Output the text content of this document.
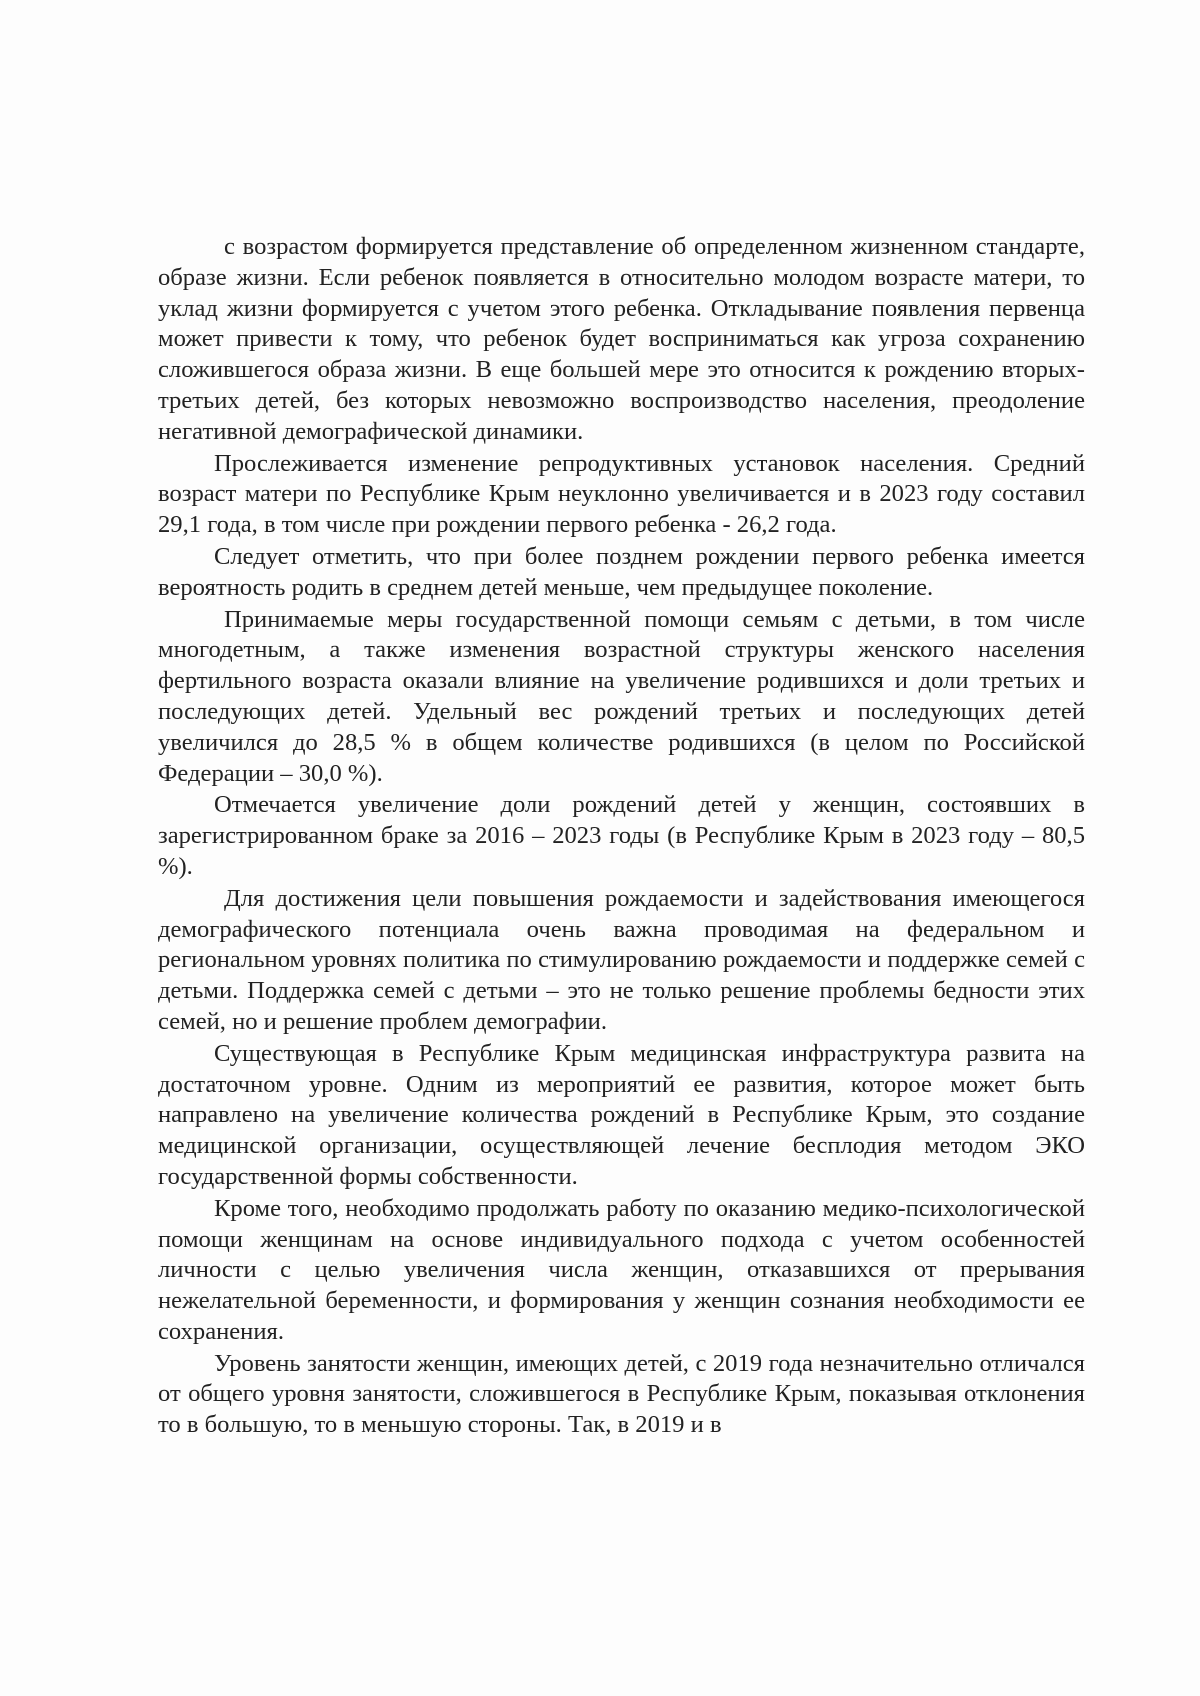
с возрастом формируется представление об определенном жизненном стандарте, образе жизни. Если ребенок появляется в относительно молодом возрасте матери, то уклад жизни формируется с учетом этого ребенка. Откладывание появления первенца может привести к тому, что ребенок будет восприниматься как угроза сохранению сложившегося образа жизни. В еще большей мере это относится к рождению вторых-третьих детей, без которых невозможно воспроизводство населения, преодоление негативной демографической динамики.

Прослеживается изменение репродуктивных установок населения. Средний возраст матери по Республике Крым неуклонно увеличивается и в 2023 году составил 29,1 года, в том числе при рождении первого ребенка - 26,2 года.

Следует отметить, что при более позднем рождении первого ребенка имеется вероятность родить в среднем детей меньше, чем предыдущее поколение.

Принимаемые меры государственной помощи семьям с детьми, в том числе многодетным, а также изменения возрастной структуры женского населения фертильного возраста оказали влияние на увеличение родившихся и доли третьих и последующих детей. Удельный вес рождений третьих и последующих детей увеличился до 28,5 % в общем количестве родившихся (в целом по Российской Федерации – 30,0 %).

Отмечается увеличение доли рождений детей у женщин, состоявших в зарегистрированном браке за 2016 – 2023 годы (в Республике Крым в 2023 году – 80,5 %).

Для достижения цели повышения рождаемости и задействования имеющегося демографического потенциала очень важна проводимая на федеральном и региональном уровнях политика по стимулированию рождаемости и поддержке семей с детьми. Поддержка семей с детьми – это не только решение проблемы бедности этих семей, но и решение проблем демографии.

Существующая в Республике Крым медицинская инфраструктура развита на достаточном уровне. Одним из мероприятий ее развития, которое может быть направлено на увеличение количества рождений в Республике Крым, это создание медицинской организации, осуществляющей лечение бесплодия методом ЭКО государственной формы собственности.

Кроме того, необходимо продолжать работу по оказанию медико-психологической помощи женщинам на основе индивидуального подхода с учетом особенностей личности с целью увеличения числа женщин, отказавшихся от прерывания нежелательной беременности, и формирования у женщин сознания необходимости ее сохранения.

Уровень занятости женщин, имеющих детей, с 2019 года незначительно отличался от общего уровня занятости, сложившегося в Республике Крым, показывая отклонения то в большую, то в меньшую стороны. Так, в 2019 и в
